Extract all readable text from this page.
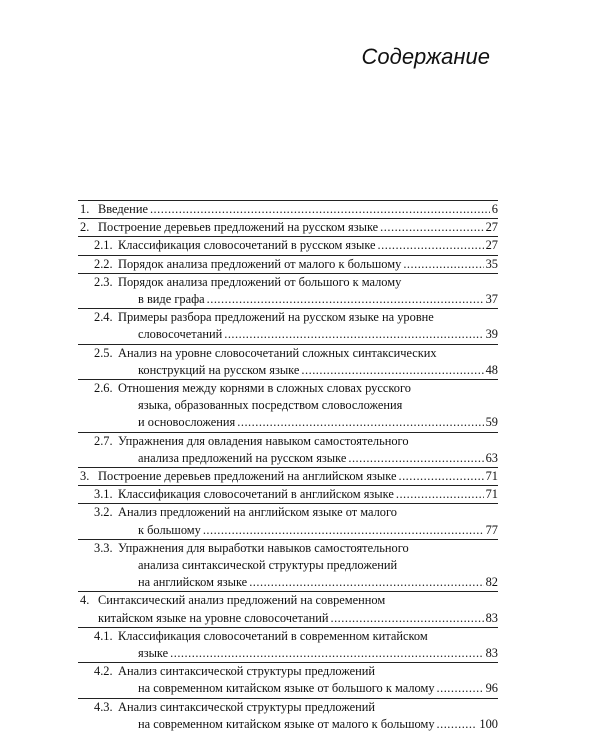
Содержание
1. Введение .....	6
2. Построение деревьев предложений на русском языке .....	27
2.1. Классификация словосочетаний в русском языке .....	27
2.2. Порядок анализа предложений от малого к большому .....	35
2.3. Порядок анализа предложений от большого к малому
в виде графа .....	37
2.4. Примеры разбора предложений на русском языке на уровне
словосочетаний .....	39
2.5. Анализ на уровне словосочетаний сложных синтаксических
конструкций на русском языке .....	48
2.6. Отношения между корнями в сложных словах русского
языка, образованных посредством словосложения
и основосложения .....	59
2.7. Упражнения для овладения навыком самостоятельного
анализа предложений на русском языке .....	63
3. Построение деревьев предложений на английском языке .....	71
3.1. Классификация словосочетаний в английском языке .....	71
3.2. Анализ предложений на английском языке от малого
к большому .....	77
3.3. Упражнения для выработки навыков самостоятельного
анализа синтаксической структуры предложений
на английском языке .....	82
4. Синтаксический анализ предложений на современном
китайском языке на уровне словосочетаний .....	83
4.1. Классификация словосочетаний в современном китайском
языке .....	83
4.2. Анализ синтаксической структуры предложений
на современном китайском языке от большого к малому .....	96
4.3. Анализ синтаксической структуры предложений
на современном китайском языке от малого к большому .....	100
